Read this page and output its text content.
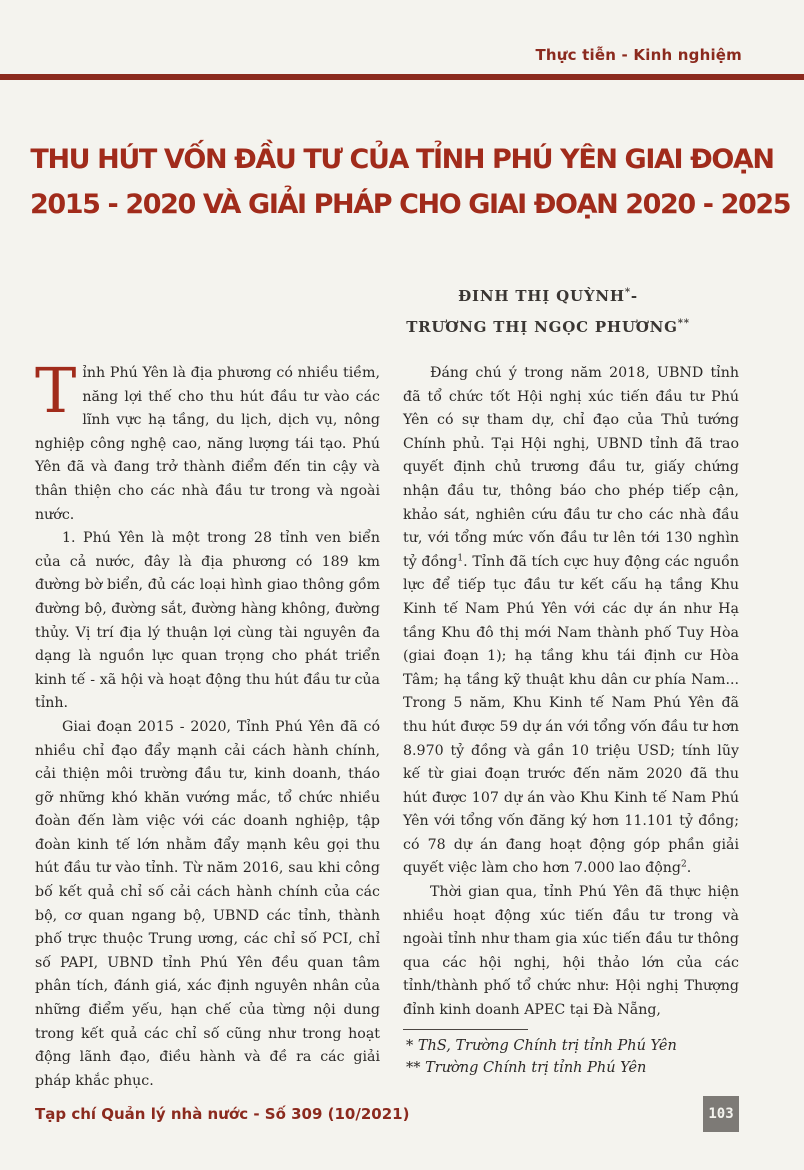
Thực tiễn - Kinh nghiệm
THU HÚT VỐN ĐẦU TƯ CỦA TỈNH PHÚ YÊN GIAI ĐOẠN
2015 - 2020 VÀ GIẢI PHÁP CHO GIAI ĐOẠN 2020 - 2025
ĐINH THỊ QUỲNH*-
TRƯƠNG THỊ NGỌC PHƯƠNG**

Tỉnh Phú Yên là địa phương có nhiều tiềm, năng lợi thế cho thu hút đầu tư vào các lĩnh vực hạ tầng, du lịch, dịch vụ, nông nghiệp công nghệ cao, năng lượng tái tạo. Phú Yên đã và đang trở thành điểm đến tin cậy và thân thiện cho các nhà đầu tư trong và ngoài nước.

1. Phú Yên là một trong 28 tỉnh ven biển của cả nước, đây là địa phương có 189 km đường bờ biển, đủ các loại hình giao thông gồm đường bộ, đường sắt, đường hàng không, đường thủy. Vị trí địa lý thuận lợi cùng tài nguyên đa dạng là nguồn lực quan trọng cho phát triển kinh tế - xã hội và hoạt động thu hút đầu tư của tỉnh.

Giai đoạn 2015 - 2020, Tỉnh Phú Yên đã có nhiều chỉ đạo đẩy mạnh cải cách hành chính, cải thiện môi trường đầu tư, kinh doanh, tháo gỡ những khó khăn vướng mắc, tổ chức nhiều đoàn đến làm việc với các doanh nghiệp, tập đoàn kinh tế lớn nhằm đẩy mạnh kêu gọi thu hút đầu tư vào tỉnh. Từ năm 2016, sau khi công bố kết quả chỉ số cải cách hành chính của các bộ, cơ quan ngang bộ, UBND các tỉnh, thành phố trực thuộc Trung ương, các chỉ số PCI, chỉ số PAPI, UBND tỉnh Phú Yên đều quan tâm phân tích, đánh giá, xác định nguyên nhân của những điểm yếu, hạn chế của từng nội dung trong kết quả các chỉ số cũng như trong hoạt động lãnh đạo, điều hành và đề ra các giải pháp khắc phục.

Đáng chú ý trong năm 2018, UBND tỉnh đã tổ chức tốt Hội nghị xúc tiến đầu tư Phú Yên có sự tham dự, chỉ đạo của Thủ tướng Chính phủ. Tại Hội nghị, UBND tỉnh đã trao quyết định chủ trương đầu tư, giấy chứng nhận đầu tư, thông báo cho phép tiếp cận, khảo sát, nghiên cứu đầu tư cho các nhà đầu tư, với tổng mức vốn đầu tư lên tới 130 nghìn tỷ đồng$^1$. Tỉnh đã tích cực huy động các nguồn lực để tiếp tục đầu tư kết cấu hạ tầng Khu Kinh tế Nam Phú Yên với các dự án như Hạ tầng Khu đô thị mới Nam thành phố Tuy Hòa (giai đoạn 1); hạ tầng khu tái định cư Hòa Tâm; hạ tầng kỹ thuật khu dân cư phía Nam... Trong 5 năm, Khu Kinh tế Nam Phú Yên đã thu hút được 59 dự án với tổng vốn đầu tư hơn 8.970 tỷ đồng và gần 10 triệu USD; tính lũy kế từ giai đoạn trước đến năm 2020 đã thu hút được 107 dự án vào Khu Kinh tế Nam Phú Yên với tổng vốn đăng ký hơn 11.101 tỷ đồng; có 78 dự án đang hoạt động góp phần giải quyết việc làm cho hơn 7.000 lao động$^2$.

Thời gian qua, tỉnh Phú Yên đã thực hiện nhiều hoạt động xúc tiến đầu tư trong và ngoài tỉnh như tham gia xúc tiến đầu tư thông qua các hội nghị, hội thảo lớn của các tỉnh/thành phố tổ chức như: Hội nghị Thượng đỉnh kinh doanh APEC tại Đà Nẵng,

* ThS, Trường Chính trị tỉnh Phú Yên
** Trường Chính trị tỉnh Phú Yên
Tạp chí Quản lý nhà nước - Số 309 (10/2021)	103
